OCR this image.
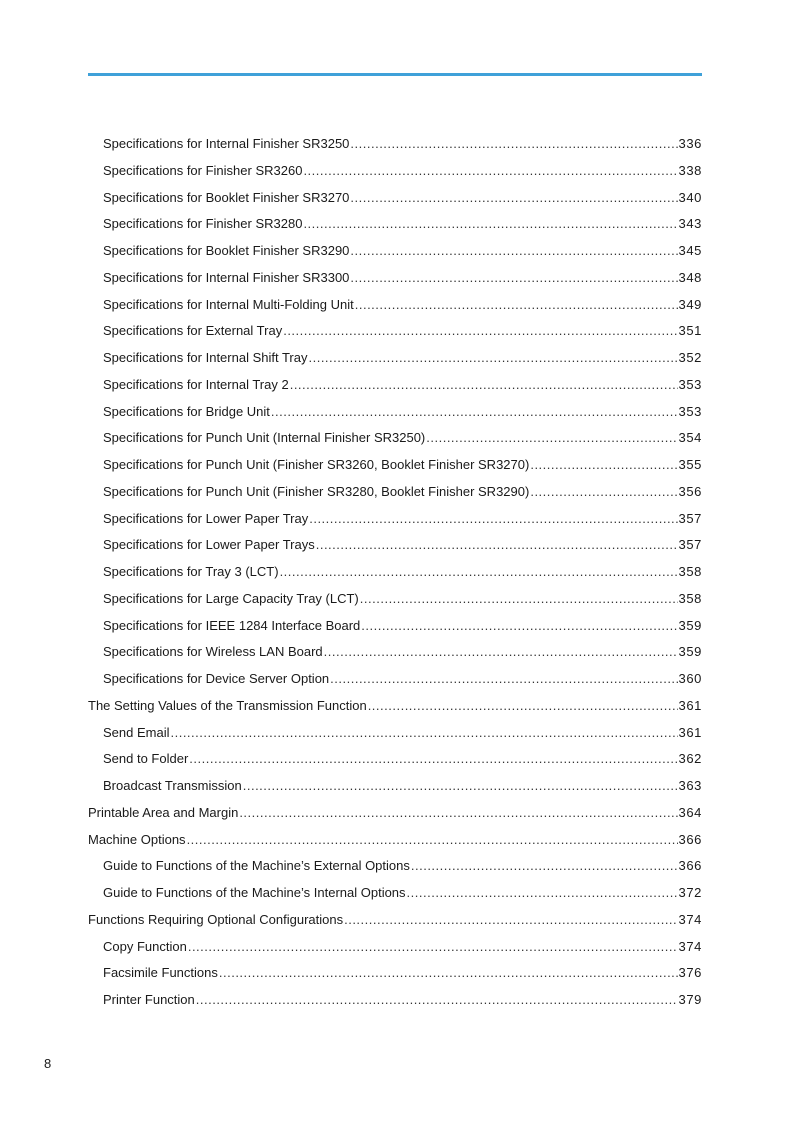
Specifications for Internal Finisher SR3250 .....	336
Specifications for Finisher SR3260 .....	338
Specifications for Booklet Finisher SR3270 .....	340
Specifications for Finisher SR3280 .....	343
Specifications for Booklet Finisher SR3290 .....	345
Specifications for Internal Finisher SR3300 .....	348
Specifications for Internal Multi-Folding Unit .....	349
Specifications for External Tray .....	351
Specifications for Internal Shift Tray .....	352
Specifications for Internal Tray 2 .....	353
Specifications for Bridge Unit .....	353
Specifications for Punch Unit (Internal Finisher SR3250) .....	354
Specifications for Punch Unit (Finisher SR3260, Booklet Finisher SR3270) .....	355
Specifications for Punch Unit (Finisher SR3280, Booklet Finisher SR3290) .....	356
Specifications for Lower Paper Tray .....	357
Specifications for Lower Paper Trays .....	357
Specifications for Tray 3 (LCT) .....	358
Specifications for Large Capacity Tray (LCT) .....	358
Specifications for IEEE 1284 Interface Board .....	359
Specifications for Wireless LAN Board .....	359
Specifications for Device Server Option .....	360
The Setting Values of the Transmission Function .....	361
Send Email .....	361
Send to Folder .....	362
Broadcast Transmission .....	363
Printable Area and Margin .....	364
Machine Options .....	366
Guide to Functions of the Machine’s External Options .....	366
Guide to Functions of the Machine’s Internal Options .....	372
Functions Requiring Optional Configurations .....	374
Copy Function .....	374
Facsimile Functions .....	376
Printer Function .....	379
8
